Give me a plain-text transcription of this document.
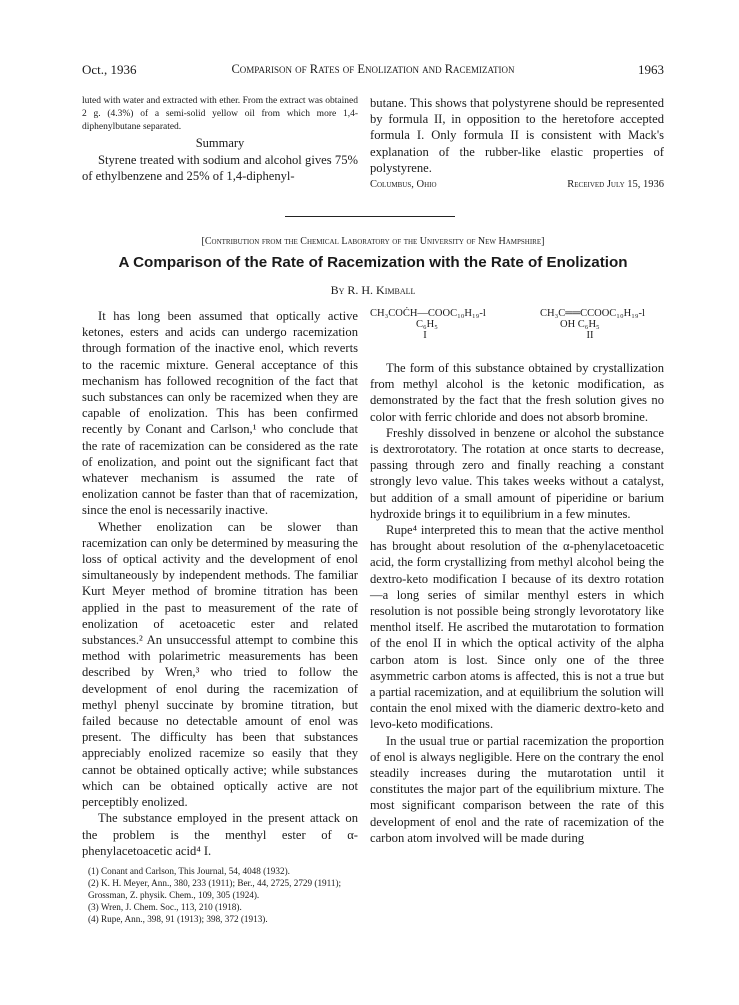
Oct., 1936	Comparison of Rates of Enolization and Racemization	1963

luted with water and extracted with ether. From the extract was obtained 2 g. (4.3%) of a semi-solid yellow oil from which more 1,4-diphenylbutane separated.

Summary

Styrene treated with sodium and alcohol gives 75% of ethylbenzene and 25% of 1,4-diphenyl-

butane. This shows that polystyrene should be represented by formula II, in opposition to the heretofore accepted formula I. Only formula II is consistent with Mack's explanation of the rubber-like elastic properties of polystyrene.

Columbus, Ohio	Received July 15, 1936
[Contribution from the Chemical Laboratory of the University of New Hampshire]
A Comparison of the Rate of Racemization with the Rate of Enolization
By R. H. Kimball

It has long been assumed that optically active ketones, esters and acids can undergo racemization through formation of the inactive enol, which reverts to the racemic mixture. General acceptance of this mechanism has followed recognition of the fact that such substances can only be racemized when they are capable of enolization. This has been confirmed recently by Conant and Carlson,¹ who conclude that the rate of racemization can be considered as the rate of enolization, and point out the significant fact that whatever mechanism is assumed the rate of enolization cannot be faster than that of racemization, since the enol is necessarily inactive.

Whether enolization can be slower than racemization can only be determined by measuring the loss of optical activity and the development of enol simultaneously by independent methods. The familiar Kurt Meyer method of bromine titration has been applied in the past to measurement of the rate of enolization of acetoacetic ester and related substances.² An unsuccessful attempt to combine this method with polarimetric measurements has been described by Wren,³ who tried to follow the development of enol during the racemization of methyl phenyl succinate by bromine titration, but failed because no detectable amount of enol was present. The difficulty has been that substances appreciably enolized racemize so easily that they cannot be obtained optically active; while substances which can be obtained optically active are not perceptibly enolized.

The substance employed in the present attack on the problem is the menthyl ester of α-phenylacetoacetic acid⁴ I.

(1) Conant and Carlson, This Journal, 54, 4048 (1932).

(2) K. H. Meyer, Ann., 380, 233 (1911); Ber., 44, 2725, 2729 (1911); Grossman, Z. physik. Chem., 109, 305 (1924).

(3) Wren, J. Chem. Soc., 113, 210 (1918).

(4) Rupe, Ann., 398, 91 (1913); 398, 372 (1913).

CH₃COĊH—COOC₁₀H₁₉-l
C₆H₅
I
CH₃C══CCOOC₁₀H₁₉-l
OH C₆H₅
II

The form of this substance obtained by crystallization from methyl alcohol is the ketonic modification, as demonstrated by the fact that the fresh solution gives no color with ferric chloride and does not absorb bromine.

Freshly dissolved in benzene or alcohol the substance is dextrorotatory. The rotation at once starts to decrease, passing through zero and finally reaching a constant strongly levo value. This takes weeks without a catalyst, but addition of a small amount of piperidine or barium hydroxide brings it to equilibrium in a few minutes.

Rupe⁴ interpreted this to mean that the active menthol has brought about resolution of the α-phenylacetoacetic acid, the form crystallizing from methyl alcohol being the dextro-keto modification I because of its dextro rotation—a long series of similar menthyl esters in which resolution is not possible being strongly levorotatory like menthol itself. He ascribed the mutarotation to formation of the enol II in which the optical activity of the alpha carbon atom is lost. Since only one of the three asymmetric carbon atoms is affected, this is not a true but a partial racemization, and at equilibrium the solution will contain the enol mixed with the diameric dextro-keto and levo-keto modifications.

In the usual true or partial racemization the proportion of enol is always negligible. Here on the contrary the enol steadily increases during the mutarotation until it constitutes the major part of the equilibrium mixture. The most significant comparison between the rate of this development of enol and the rate of racemization of the carbon atom involved will be made during
